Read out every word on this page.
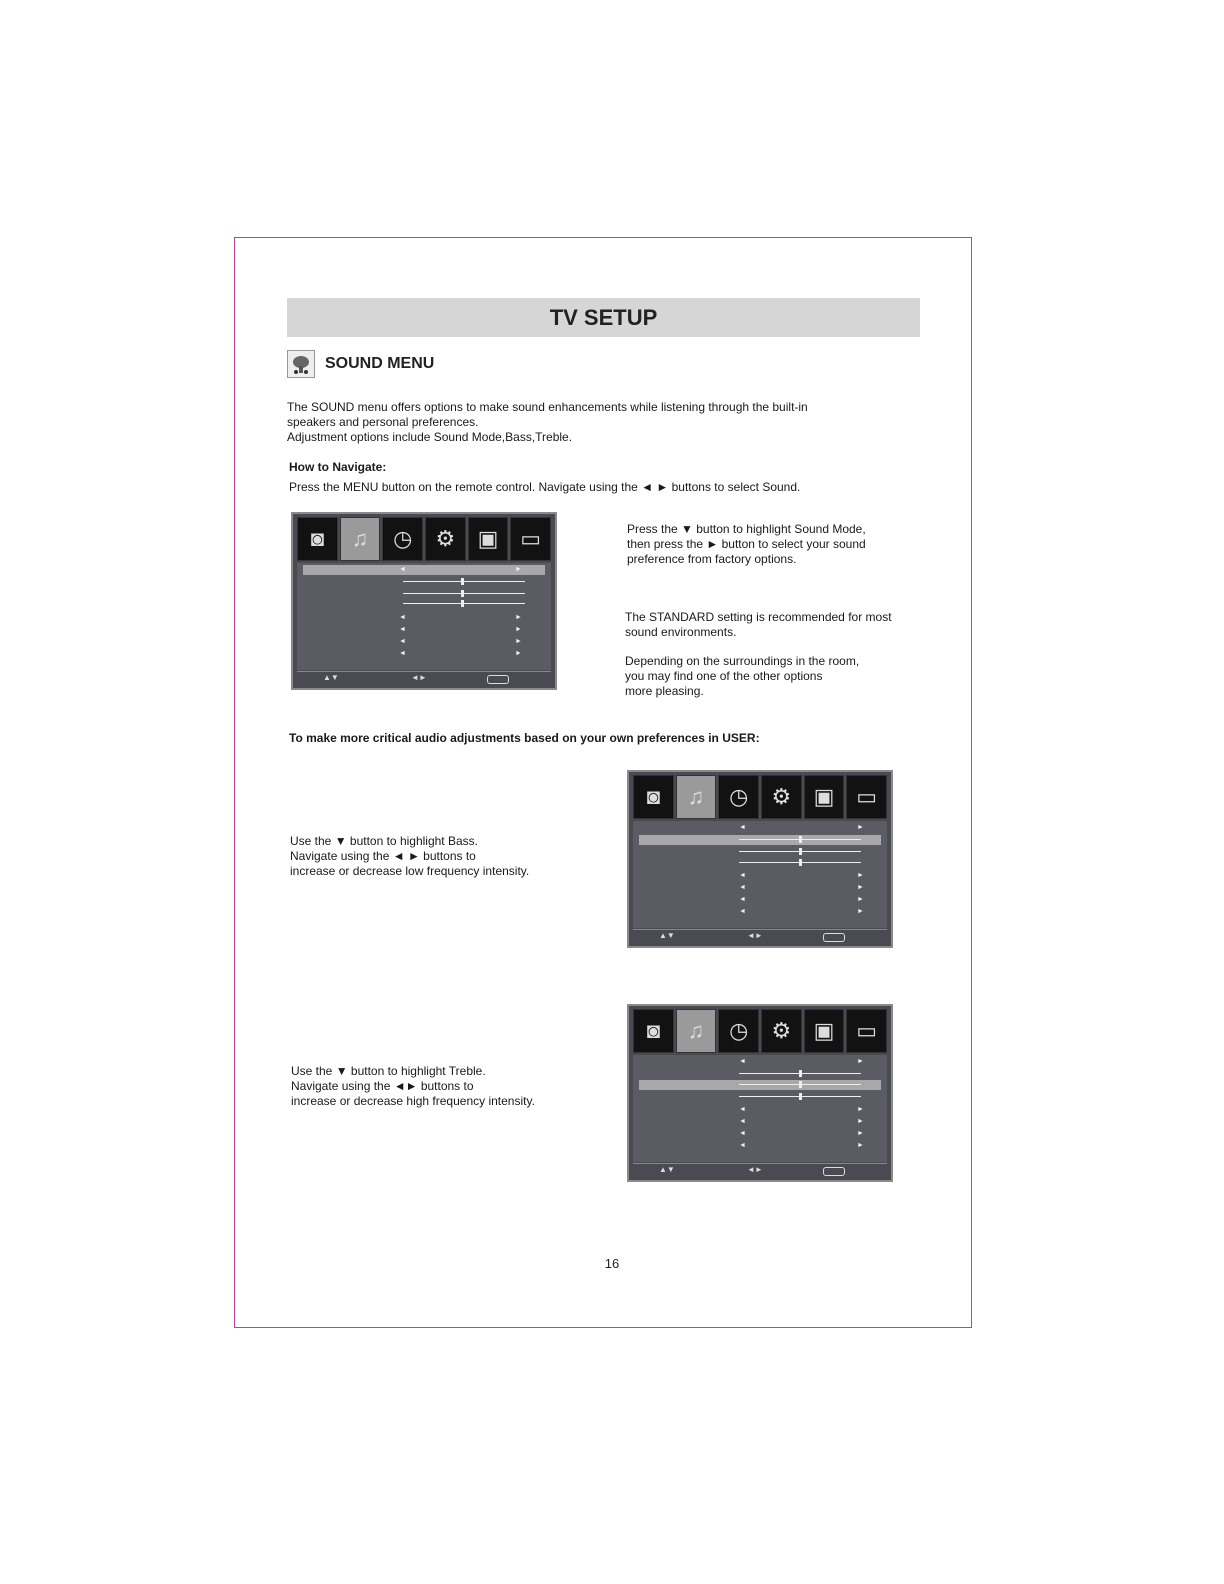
TV SETUP
SOUND MENU
The SOUND menu offers options to make sound enhancements while listening through the built-in
speakers and personal preferences.
Adjustment options include Sound Mode,Bass,Treble.
How to Navigate:
Press the MENU button on the remote control. Navigate using the ◄ ► buttons to select Sound.
◙	♫	◷	⚙	▣ ▭
◄	►
◄	►
◄	►
◄	►
◄	►
▲▼	◄►
Press the ▼ button to highlight Sound Mode,
then press the ► button to select your sound
preference from factory options.
The STANDARD setting is recommended for most
sound environments.
Depending on the surroundings in the room,
you may find one of the other options
more pleasing.
To make more critical audio adjustments based on your own preferences in USER:
Use the ▼ button to highlight Bass.
Navigate using the ◄ ► buttons to
increase or decrease low frequency intensity.
◙	♫	◷	⚙	▣ ▭
◄	►
◄	►
◄	►
◄	►
◄	►
▲▼	◄►
Use the ▼ button to highlight Treble.
Navigate using the ◄► buttons to
increase or decrease high frequency intensity.
◙	♫	◷	⚙	▣ ▭
◄	►
◄	►
◄	►
◄	►
◄	►
▲▼	◄►
16
